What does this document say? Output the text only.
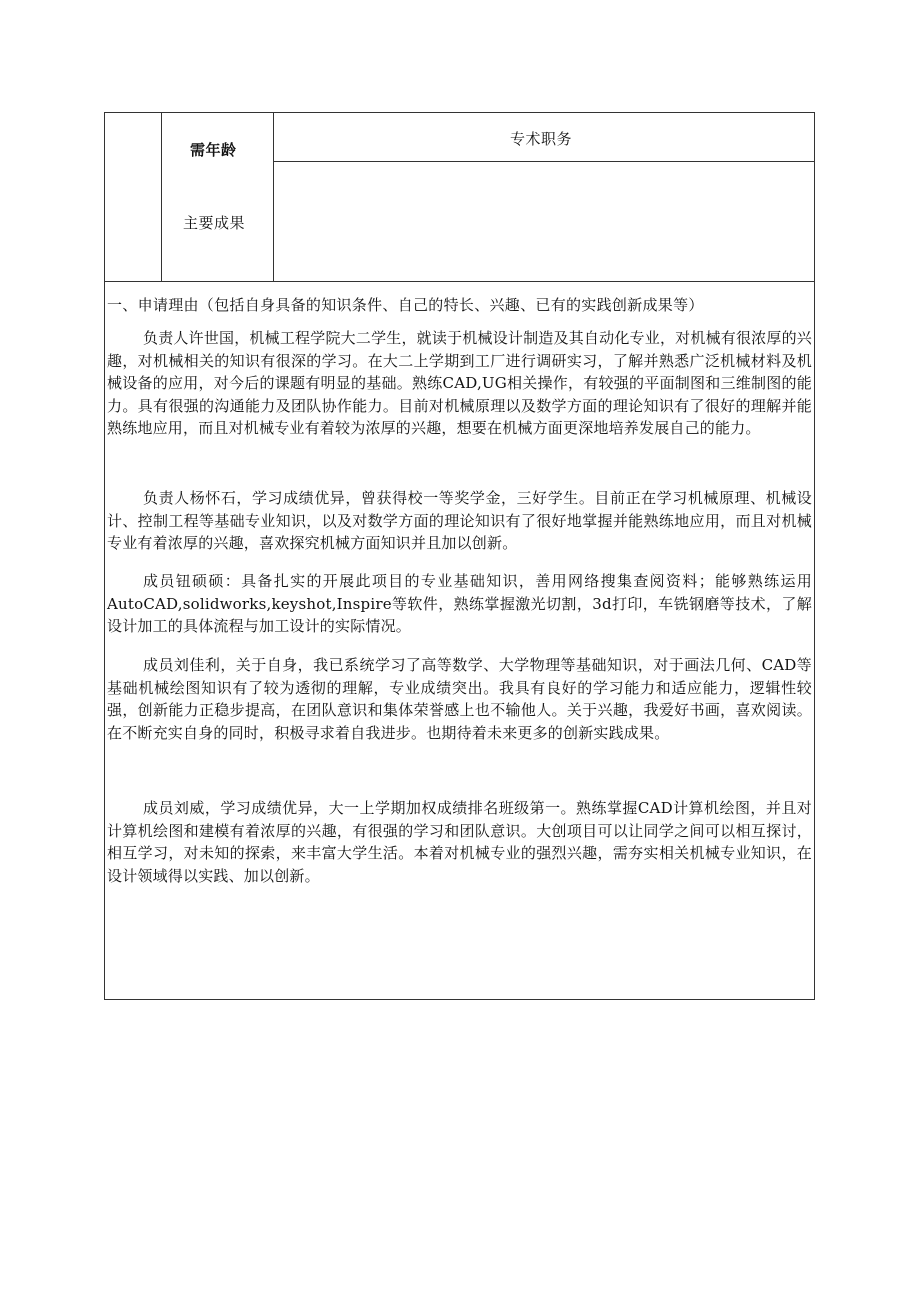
需年龄
专术职务
主要成果
一、申请理由（包括自身具备的知识条件、自己的特长、兴趣、已有的实践创新成果等）

负责人许世国，机械工程学院大二学生，就读于机械设计制造及其自动化专业，对机械有很浓厚的兴趣，对机械相关的知识有很深的学习。在大二上学期到工厂进行调研实习，了解并熟悉广泛机械材料及机械设备的应用，对今后的课题有明显的基础。熟练CAD,UG相关操作，有较强的平面制图和三维制图的能力。具有很强的沟通能力及团队协作能力。目前对机械原理以及数学方面的理论知识有了很好的理解并能熟练地应用，而且对机械专业有着较为浓厚的兴趣，想要在机械方面更深地培养发展自己的能力。

负责人杨怀石，学习成绩优异，曾获得校一等奖学金，三好学生。目前正在学习机械原理、机械设计、控制工程等基础专业知识，以及对数学方面的理论知识有了很好地掌握并能熟练地应用，而且对机械专业有着浓厚的兴趣，喜欢探究机械方面知识并且加以创新。

成员钮硕硕：具备扎实的开展此项目的专业基础知识，善用网络搜集查阅资料；能够熟练运用AutoCAD,solidworks,keyshot,Inspire等软件，熟练掌握激光切割，3d打印，车铣钢磨等技术，了解设计加工的具体流程与加工设计的实际情况。

成员刘佳利，关于自身，我已系统学习了高等数学、大学物理等基础知识，对于画法几何、CAD等基础机械绘图知识有了较为透彻的理解，专业成绩突出。我具有良好的学习能力和适应能力，逻辑性较强，创新能力正稳步提高，在团队意识和集体荣誉感上也不输他人。关于兴趣，我爱好书画，喜欢阅读。在不断充实自身的同时，积极寻求着自我进步。也期待着未来更多的创新实践成果。

成员刘威，学习成绩优异，大一上学期加权成绩排名班级第一。熟练掌握CAD计算机绘图，并且对计算机绘图和建模有着浓厚的兴趣，有很强的学习和团队意识。大创项目可以让同学之间可以相互探讨，相互学习，对未知的探索，来丰富大学生活。本着对机械专业的强烈兴趣，需夯实相关机械专业知识，在设计领域得以实践、加以创新。
